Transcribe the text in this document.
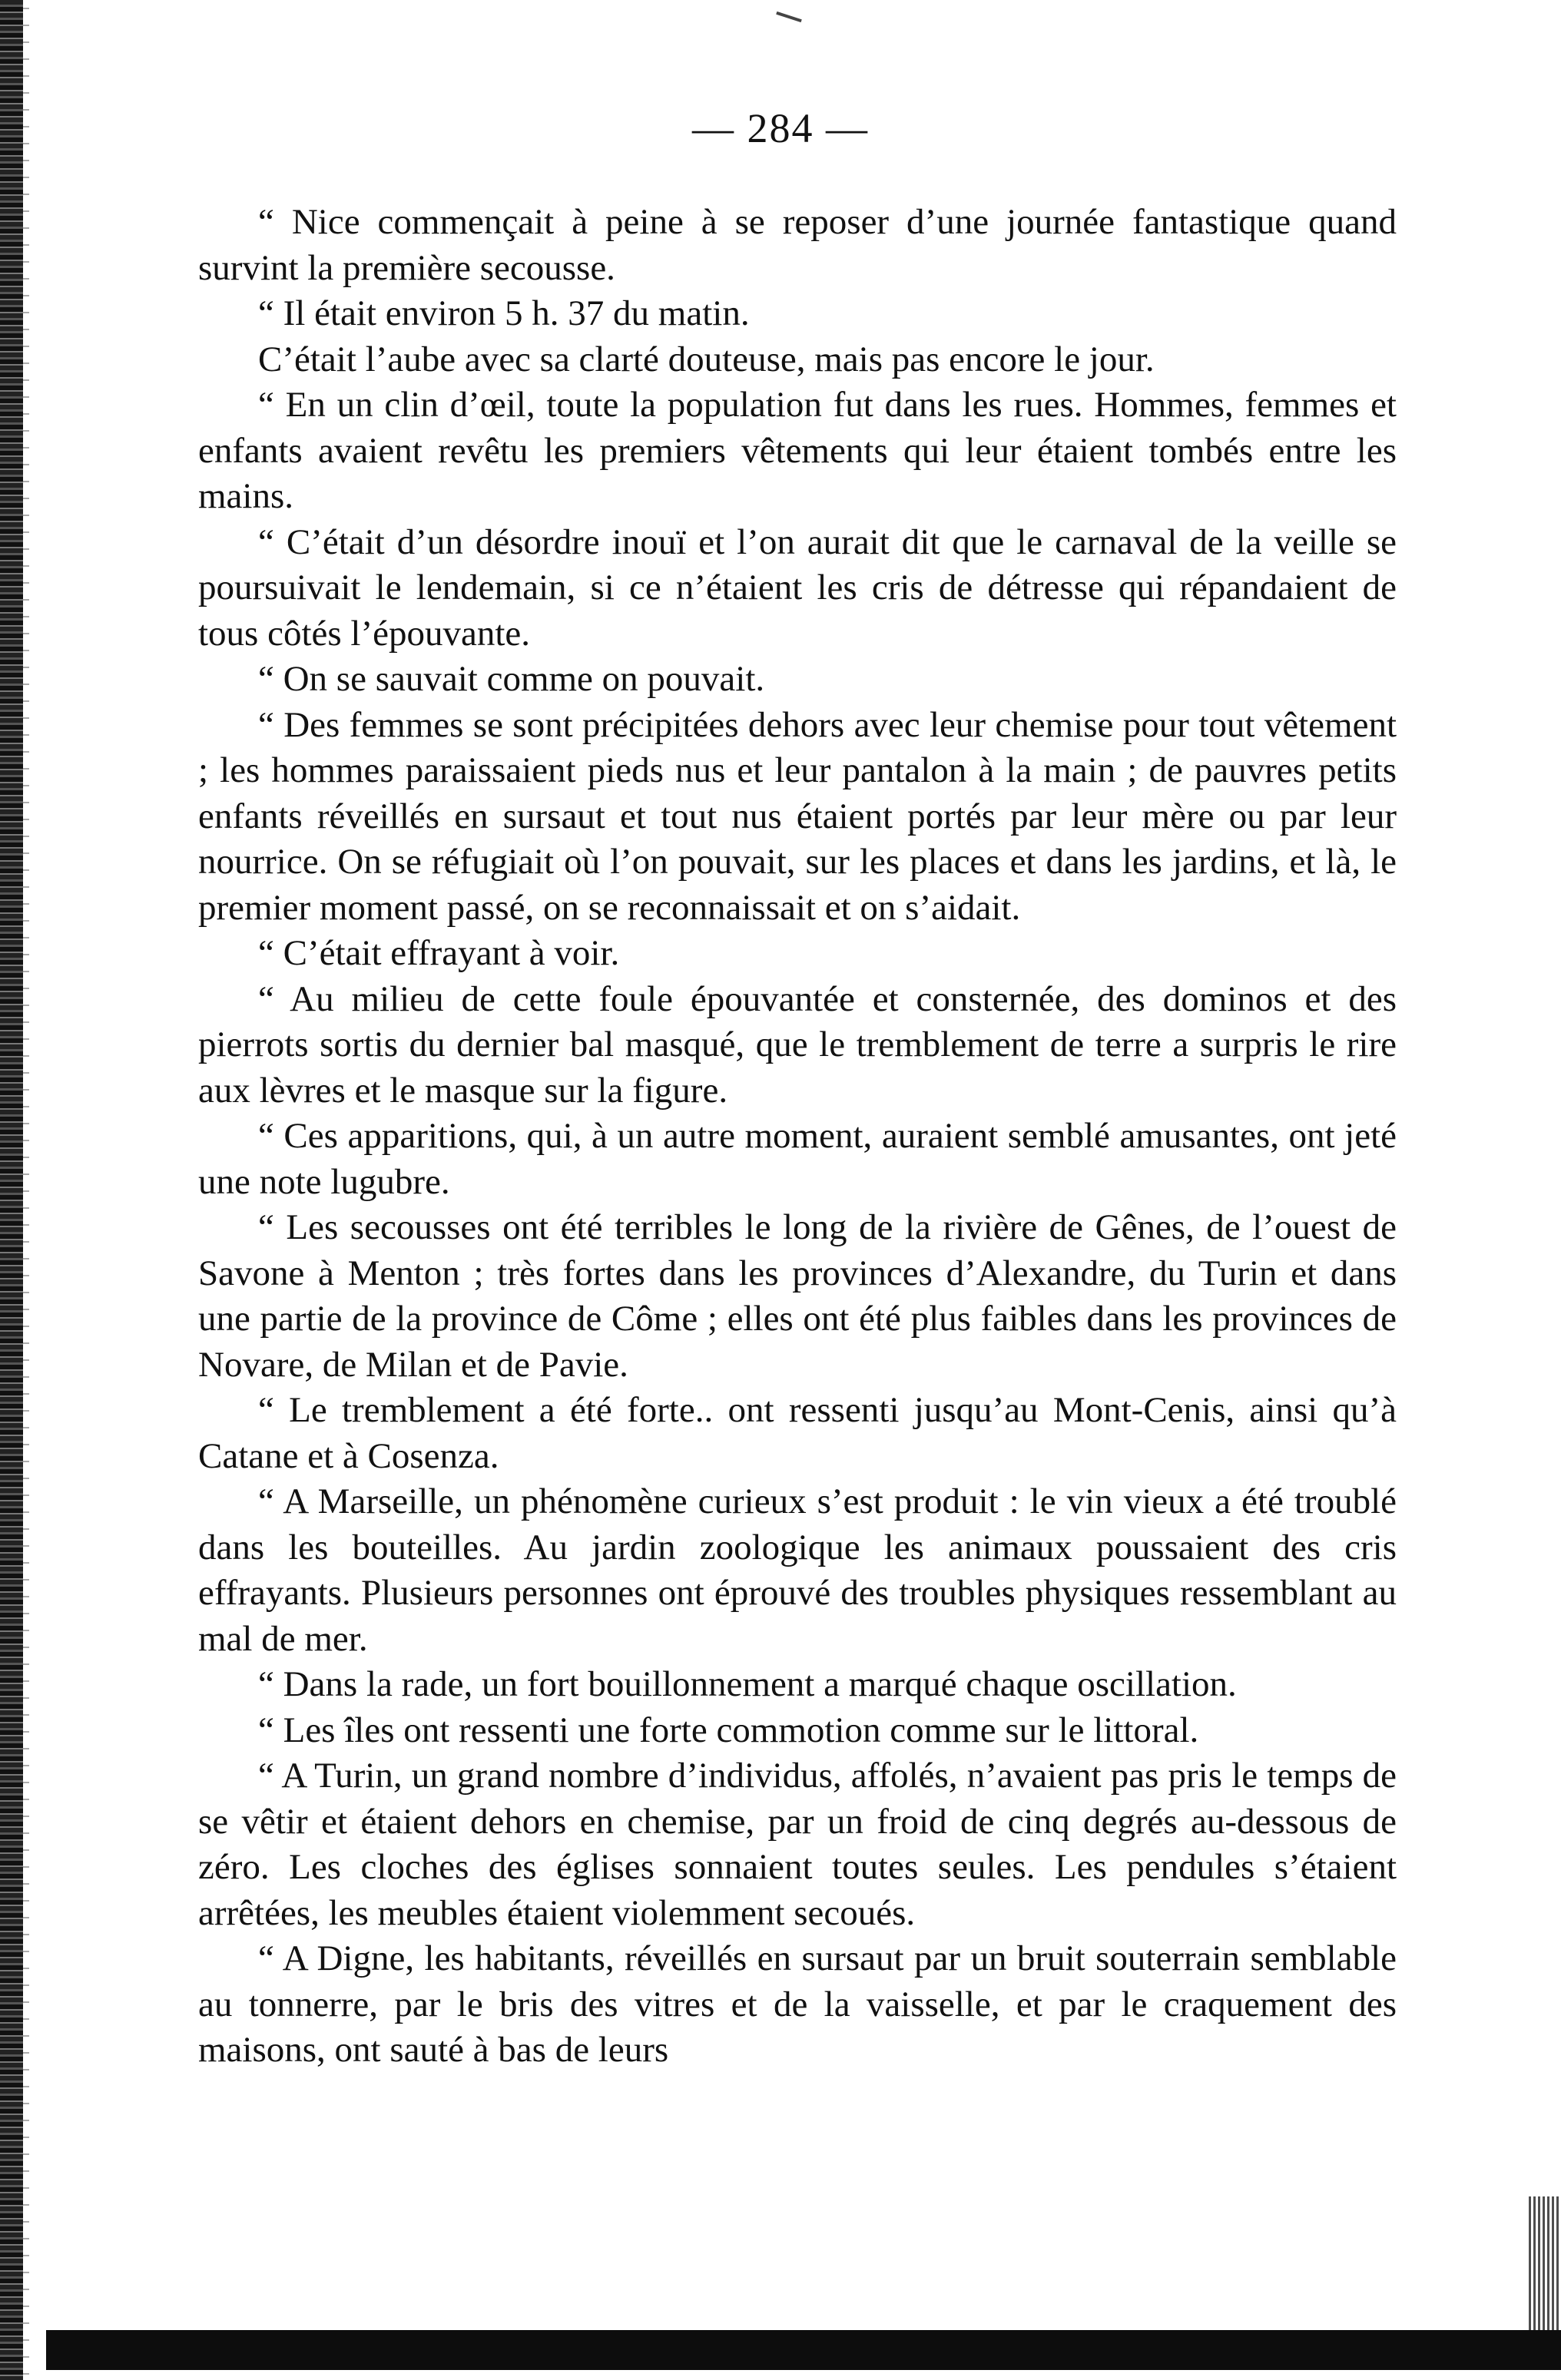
— 284 —

“ Nice commençait à peine à se reposer d’une journée fantastique quand survint la première secousse.

“ Il était environ 5 h. 37 du matin.

C’était l’aube avec sa clarté douteuse, mais pas encore le jour.

“ En un clin d’œil, toute la population fut dans les rues. Hommes, femmes et enfants avaient revêtu les premiers vêtements qui leur étaient tombés entre les mains.

“ C’était d’un désordre inouï et l’on aurait dit que le carnaval de la veille se poursuivait le lendemain, si ce n’étaient les cris de détresse qui répandaient de tous côtés l’épouvante.

“ On se sauvait comme on pouvait.

“ Des femmes se sont précipitées dehors avec leur chemise pour tout vêtement ; les hommes paraissaient pieds nus et leur pantalon à la main ; de pauvres petits enfants réveillés en sursaut et tout nus étaient portés par leur mère ou par leur nourrice. On se réfugiait où l’on pouvait, sur les places et dans les jardins, et là, le premier moment passé, on se reconnaissait et on s’aidait.

“ C’était effrayant à voir.

“ Au milieu de cette foule épouvantée et consternée, des dominos et des pierrots sortis du dernier bal masqué, que le tremblement de terre a surpris le rire aux lèvres et le masque sur la figure.

“ Ces apparitions, qui, à un autre moment, auraient semblé amusantes, ont jeté une note lugubre.

“ Les secousses ont été terribles le long de la rivière de Gênes, de l’ouest de Savone à Menton ; très fortes dans les provinces d’Alexandre, du Turin et dans une partie de la province de Côme ; elles ont été plus faibles dans les provinces de Novare, de Milan et de Pavie.

“ Le tremblement a été forte.. ont ressenti jusqu’au Mont-Cenis, ainsi qu’à Catane et à Cosenza.

“ A Marseille, un phénomène curieux s’est produit : le vin vieux a été troublé dans les bouteilles. Au jardin zoologique les animaux poussaient des cris effrayants. Plusieurs personnes ont éprouvé des troubles physiques ressemblant au mal de mer.

“ Dans la rade, un fort bouillonnement a marqué chaque oscillation.

“ Les îles ont ressenti une forte commotion comme sur le littoral.

“ A Turin, un grand nombre d’individus, affolés, n’avaient pas pris le temps de se vêtir et étaient dehors en chemise, par un froid de cinq degrés au-dessous de zéro. Les cloches des églises sonnaient toutes seules. Les pendules s’étaient arrêtées, les meubles étaient violemment secoués.

“ A Digne, les habitants, réveillés en sursaut par un bruit souterrain semblable au tonnerre, par le bris des vitres et de la vaisselle, et par le craquement des maisons, ont sauté à bas de leurs
